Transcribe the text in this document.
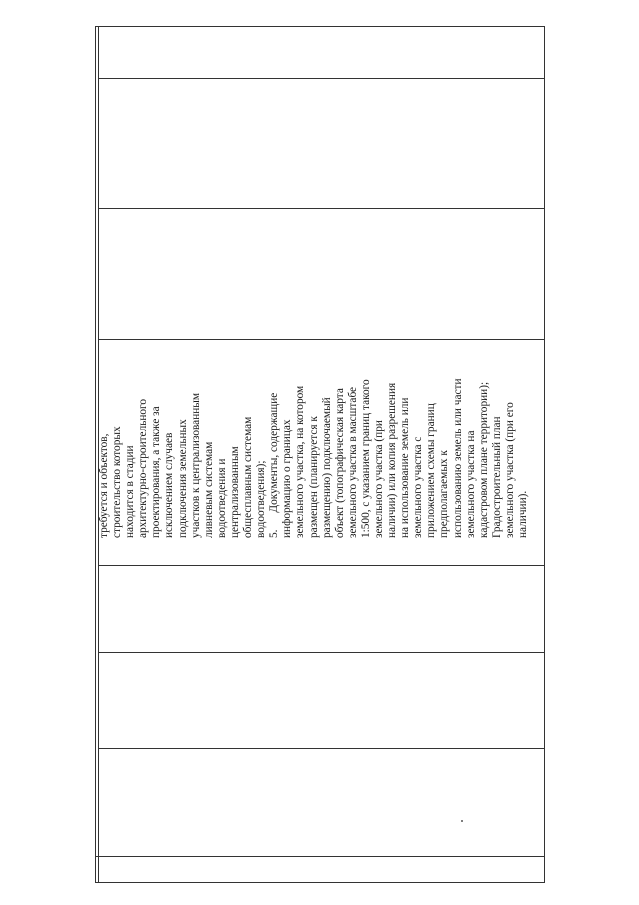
требуется и объектов, строительство которых находится в стадии архитектурно-строительного проектирования, а также за исключением случаев подключения земельных участков к централизованным ливневым системам водоотведения и централизованным общесплавным системам водоотведения); 5.      Документы, содержащие информацию о границах земельного участка, на котором размещен (планируется к размещению) подключаемый объект (топографическая карта земельного участка в масштабе 1:500, с указанием границ такого земельного участка (при наличии) или копия разрешения на использование земель или земельного участка с приложением схемы границ предполагаемых к использованию земель или части земельного участка на кадастровом плане территории); Градостроительный план земельного участка (при его наличии).
